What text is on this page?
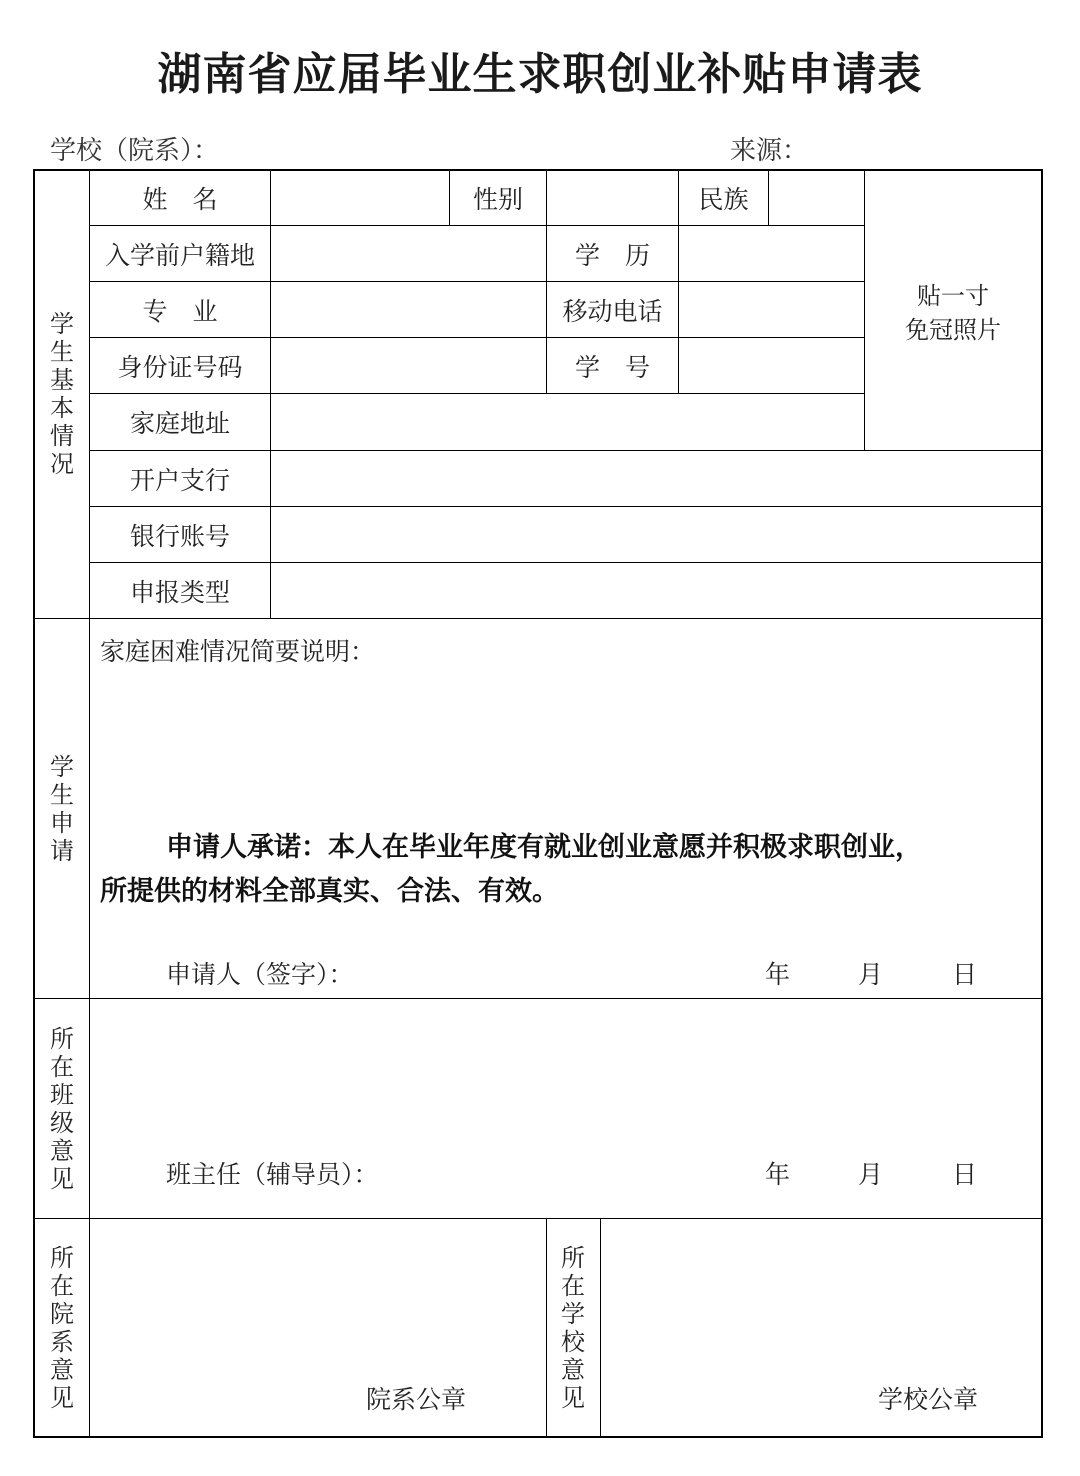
湖南省应届毕业生求职创业补贴申请表
学校（院系）：	来源：
学
生
基
本
情
况
姓　名	性别	民族
入学前户籍地	学　历
专　业	移动电话
身份证号码	学　号
家庭地址
开户支行
银行账号
申报类型
贴一寸
免冠照片
学
生
申
请
家庭困难情况简要说明：
申请人承诺：本人在毕业年度有就业创业意愿并积极求职创业，
所提供的材料全部真实、合法、有效。
申请人（签字）：	年	月	日
所
在
班
级
意
见	班主任（辅导员）：	年	月	日
所
在
院
系
意
见	院系公章
所
在
学
校
意
见	学校公章
